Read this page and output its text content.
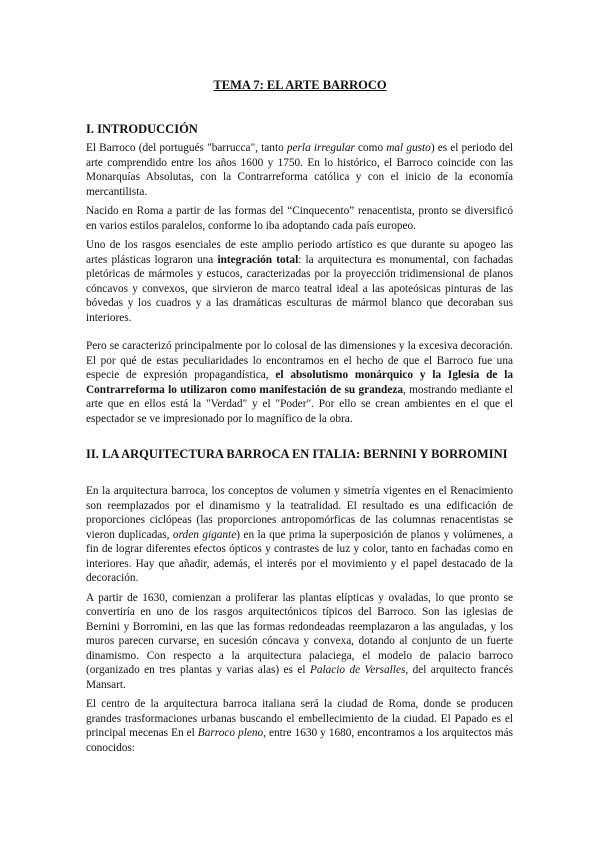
TEMA 7: EL ARTE BARROCO
I. INTRODUCCIÓN

El Barroco (del portugués "barrucca", tanto perla irregular como mal gusto) es el periodo del arte comprendido entre los años 1600 y 1750. En lo histórico, el Barroco coincide con las Monarquías Absolutas, con la Contrarreforma católica y con el inicio de la economía mercantilista.

Nacido en Roma a partir de las formas del “Cinquecento” renacentista, pronto se diversificó en varios estilos paralelos, conforme lo iba adoptando cada país europeo.

Uno de los rasgos esenciales de este amplio periodo artístico es que durante su apogeo las artes plásticas lograron una integración total: la arquitectura es monumental, con fachadas pletóricas de mármoles y estucos, caracterizadas por la proyección tridimensional de planos cóncavos y convexos, que sirvieron de marco teatral ideal a las apoteósicas pinturas de las bóvedas y los cuadros y a las dramáticas esculturas de mármol blanco que decoraban sus interiores.

Pero se caracterizó principalmente por lo colosal de las dimensiones y la excesiva decoración. El por qué de estas peculiaridades lo encontramos en el hecho de que el Barroco fue una especie de expresión propagandística, el absolutismo monárquico y la Iglesia de la Contrarreforma lo utilizaron como manifestación de su grandeza, mostrando mediante el arte que en ellos está la "Verdad" y el "Poder". Por ello se crean ambientes en el que el espectador se ve impresionado por lo magnífico de la obra.

II. LA ARQUITECTURA BARROCA EN ITALIA: BERNINI Y BORROMINI

En la arquitectura barroca, los conceptos de volumen y simetría vigentes en el Renacimiento son reemplazados por el dinamismo y la teatralidad. El resultado es una edificación de proporciones ciclópeas (las proporciones antropomórficas de las columnas renacentistas se vieron duplicadas, orden gigante) en la que prima la superposición de planos y volúmenes, a fin de lograr diferentes efectos ópticos y contrastes de luz y color, tanto en fachadas como en interiores. Hay que añadir, además, el interés por el movimiento y el papel destacado de la decoración.

A partir de 1630, comienzan a proliferar las plantas elípticas y ovaladas, lo que pronto se convertiría en uno de los rasgos arquitectónicos típicos del Barroco. Son las iglesias de Bernini y Borromini, en las que las formas redondeadas reemplazaron a las anguladas, y los muros parecen curvarse, en sucesión cóncava y convexa, dotando al conjunto de un fuerte dinamismo. Con respecto a la arquitectura palaciega, el modelo de palacio barroco (organizado en tres plantas y varias alas) es el Palacio de Versalles, del arquitecto francés Mansart.

El centro de la arquitectura barroca italiana será la ciudad de Roma, donde se producen grandes trasformaciones urbanas buscando el embellecimiento de la ciudad. El Papado es el principal mecenas En el Barroco pleno, entre 1630 y 1680, encontramos a los arquitectos más conocidos:
